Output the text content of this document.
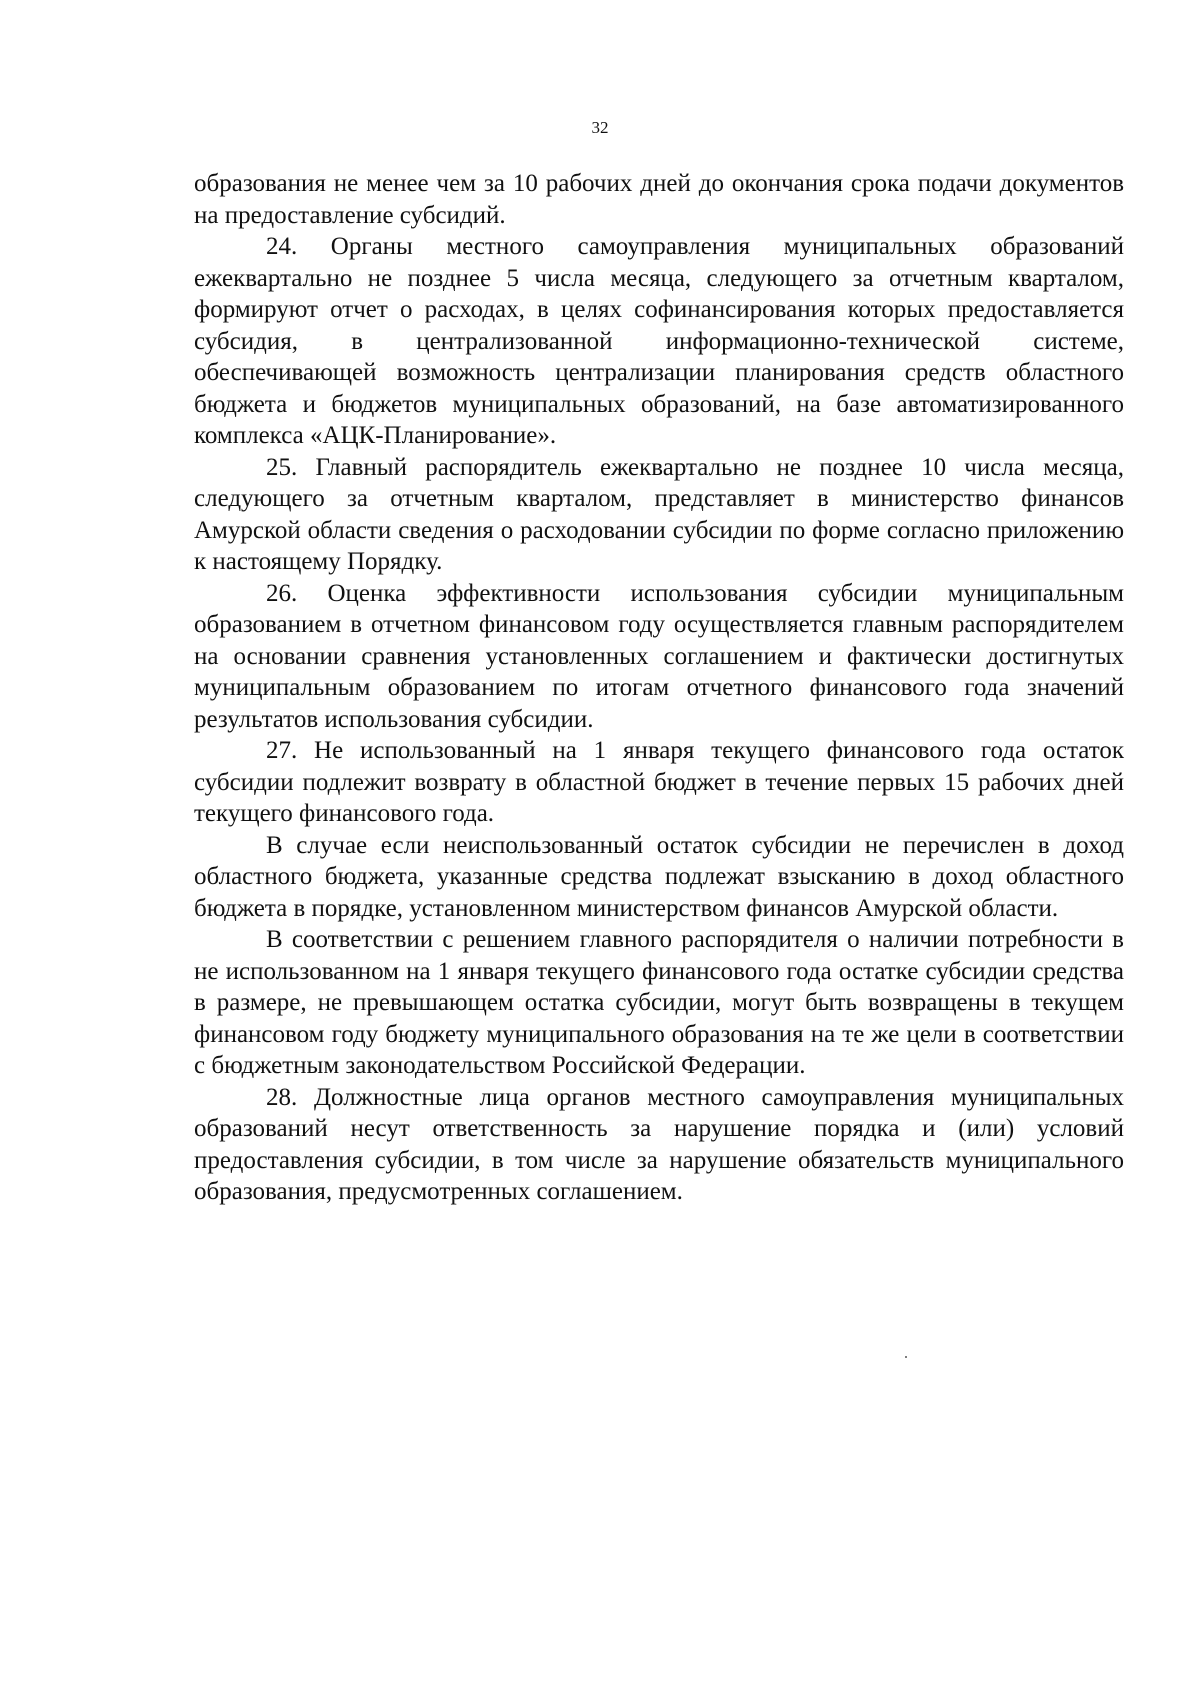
32

образования не менее чем за 10 рабочих дней до окончания срока подачи документов на предоставление субсидий.

24. Органы местного самоуправления муниципальных образований ежеквартально не позднее 5 числа месяца, следующего за отчетным кварталом, формируют отчет о расходах, в целях софинансирования которых предоставляется субсидия, в централизованной информационно-технической системе, обеспечивающей возможность централизации планирования средств областного бюджета и бюджетов муниципальных образований, на базе автоматизированного комплекса «АЦК-Планирование».

25. Главный распорядитель ежеквартально не позднее 10 числа месяца, следующего за отчетным кварталом, представляет в министерство финансов Амурской области сведения о расходовании субсидии по форме согласно приложению к настоящему Порядку.

26. Оценка эффективности использования субсидии муниципальным образованием в отчетном финансовом году осуществляется главным распорядителем на основании сравнения установленных соглашением и фактически достигнутых муниципальным образованием по итогам отчетного финансового года значений результатов использования субсидии.

27. Не использованный на 1 января текущего финансового года остаток субсидии подлежит возврату в областной бюджет в течение первых 15 рабочих дней текущего финансового года.

В случае если неиспользованный остаток субсидии не перечислен в доход областного бюджета, указанные средства подлежат взысканию в доход областного бюджета в порядке, установленном министерством финансов Амурской области.

В соответствии с решением главного распорядителя о наличии потребности в не использованном на 1 января текущего финансового года остатке субсидии средства в размере, не превышающем остатка субсидии, могут быть возвращены в текущем финансовом году бюджету муниципального образования на те же цели в соответствии с бюджетным законодательством Российской Федерации.

28. Должностные лица органов местного самоуправления муниципальных образований несут ответственность за нарушение порядка и (или) условий предоставления субсидии, в том числе за нарушение обязательств муниципального образования, предусмотренных соглашением.
